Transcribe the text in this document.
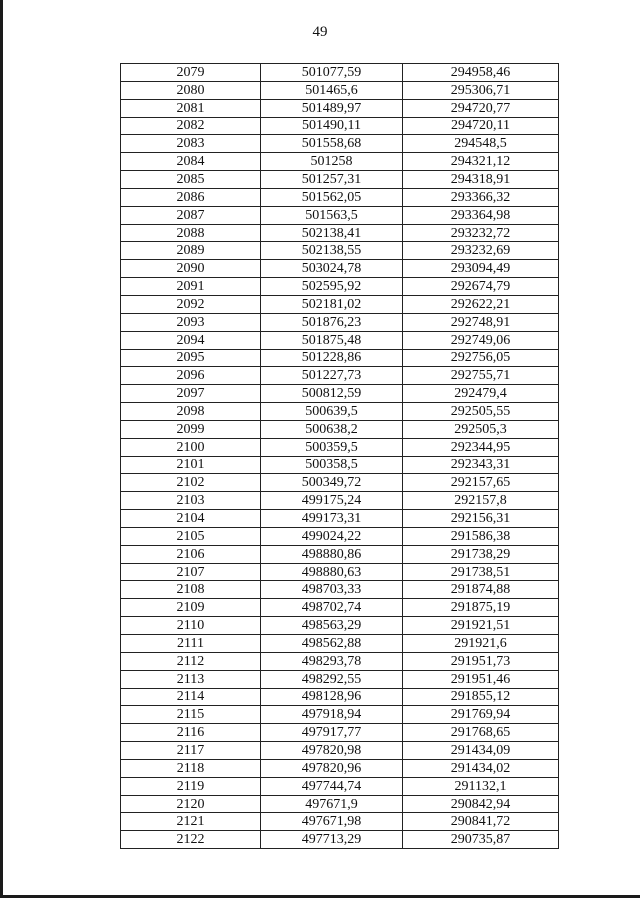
49
2079	501077,59	294958,46
2080	501465,6	295306,71
2081	501489,97	294720,77
2082	501490,11	294720,11
2083	501558,68	294548,5
2084	501258	294321,12
2085	501257,31	294318,91
2086	501562,05	293366,32
2087	501563,5	293364,98
2088	502138,41	293232,72
2089	502138,55	293232,69
2090	503024,78	293094,49
2091	502595,92	292674,79
2092	502181,02	292622,21
2093	501876,23	292748,91
2094	501875,48	292749,06
2095	501228,86	292756,05
2096	501227,73	292755,71
2097	500812,59	292479,4
2098	500639,5	292505,55
2099	500638,2	292505,3
2100	500359,5	292344,95
2101	500358,5	292343,31
2102	500349,72	292157,65
2103	499175,24	292157,8
2104	499173,31	292156,31
2105	499024,22	291586,38
2106	498880,86	291738,29
2107	498880,63	291738,51
2108	498703,33	291874,88
2109	498702,74	291875,19
2110	498563,29	291921,51
2111	498562,88	291921,6
2112	498293,78	291951,73
2113	498292,55	291951,46
2114	498128,96	291855,12
2115	497918,94	291769,94
2116	497917,77	291768,65
2117	497820,98	291434,09
2118	497820,96	291434,02
2119	497744,74	291132,1
2120	497671,9	290842,94
2121	497671,98	290841,72
2122	497713,29	290735,87
